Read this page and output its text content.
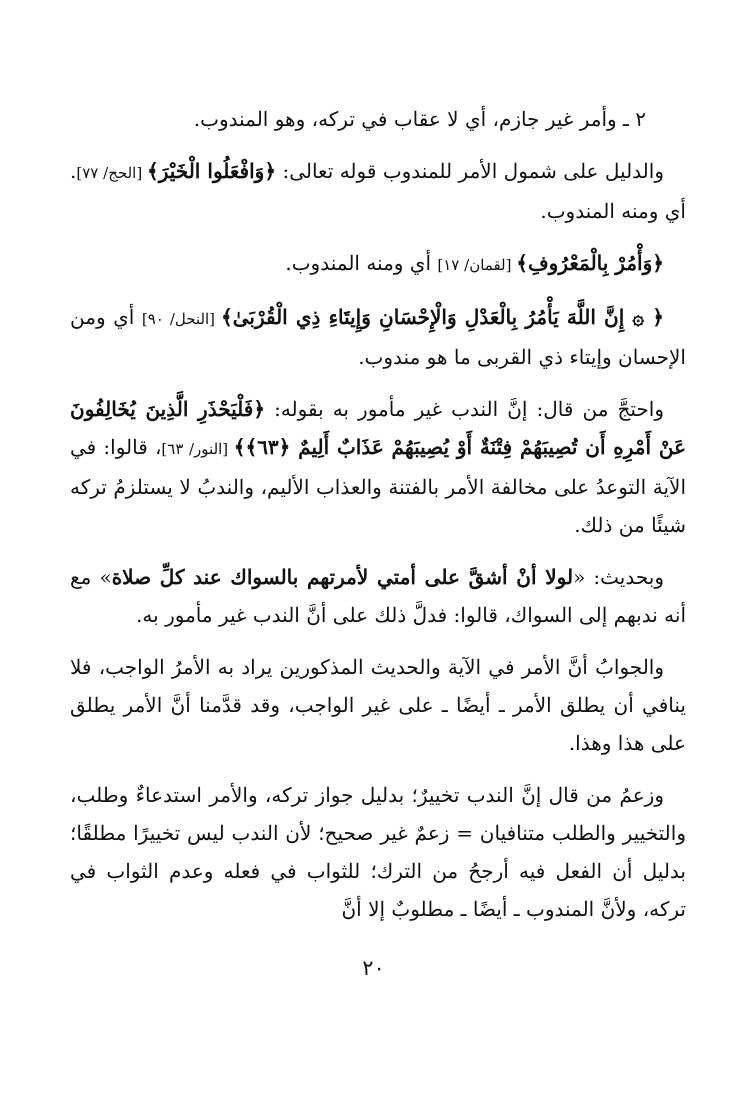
٢ ـ وأمر غير جازم، أي لا عقاب في تركه، وهو المندوب.

والدليل على شمول الأمر للمندوب قوله تعالى: ﴿وَافْعَلُوا الْخَيْرَ﴾ [الحج/ ٧٧]. أي ومنه المندوب.

﴿وَأْمُرْ بِالْمَعْرُوفِ﴾ [لقمان/ ١٧] أي ومنه المندوب.

﴿ ۞ إِنَّ اللَّهَ يَأْمُرُ بِالْعَدْلِ وَالْإِحْسَانِ وَإِيتَاءِ ذِي الْقُرْبَىٰ﴾ [النحل/ ٩٠] أي ومن الإحسان وإيتاء ذي القربى ما هو مندوب.

واحتجَّ من قال: إنَّ الندب غير مأمور به بقوله: ﴿فَلْيَحْذَرِ الَّذِينَ يُخَالِفُونَ عَنْ أَمْرِهِ أَن تُصِيبَهُمْ فِتْنَةٌ أَوْ يُصِيبَهُمْ عَذَابٌ أَلِيمٌ ﴿٦٣﴾﴾ [النور/ ٦٣]، قالوا: في الآية التوعدُ على مخالفة الأمر بالفتنة والعذاب الأليم، والندبُ لا يستلزمُ تركه شيئًا من ذلك.

وبحديث: «لولا أنْ أشقَّ على أمتي لأمرتهم بالسواك عند كلِّ صلاة» مع أنه ندبهم إلى السواك، قالوا: فدلَّ ذلك على أنَّ الندب غير مأمور به.

والجوابُ أنَّ الأمر في الآية والحديث المذكورين يراد به الأمرُ الواجب، فلا ينافي أن يطلق الأمر ـ أيضًا ـ على غير الواجب، وقد قدَّمنا أنَّ الأمر يطلق على هذا وهذا.

وزعمُ من قال إنَّ الندب تخييرٌ؛ بدليل جواز تركه، والأمر استدعاءٌ وطلب، والتخيير والطلب متنافيان = زعمٌ غير صحيح؛ لأن الندب ليس تخييرًا مطلقًا؛ بدليل أن الفعل فيه أرجحُ من الترك؛ للثواب في فعله وعدم الثواب في تركه، ولأنَّ المندوب ـ أيضًا ـ مطلوبٌ إلا أنَّ

٢٠
